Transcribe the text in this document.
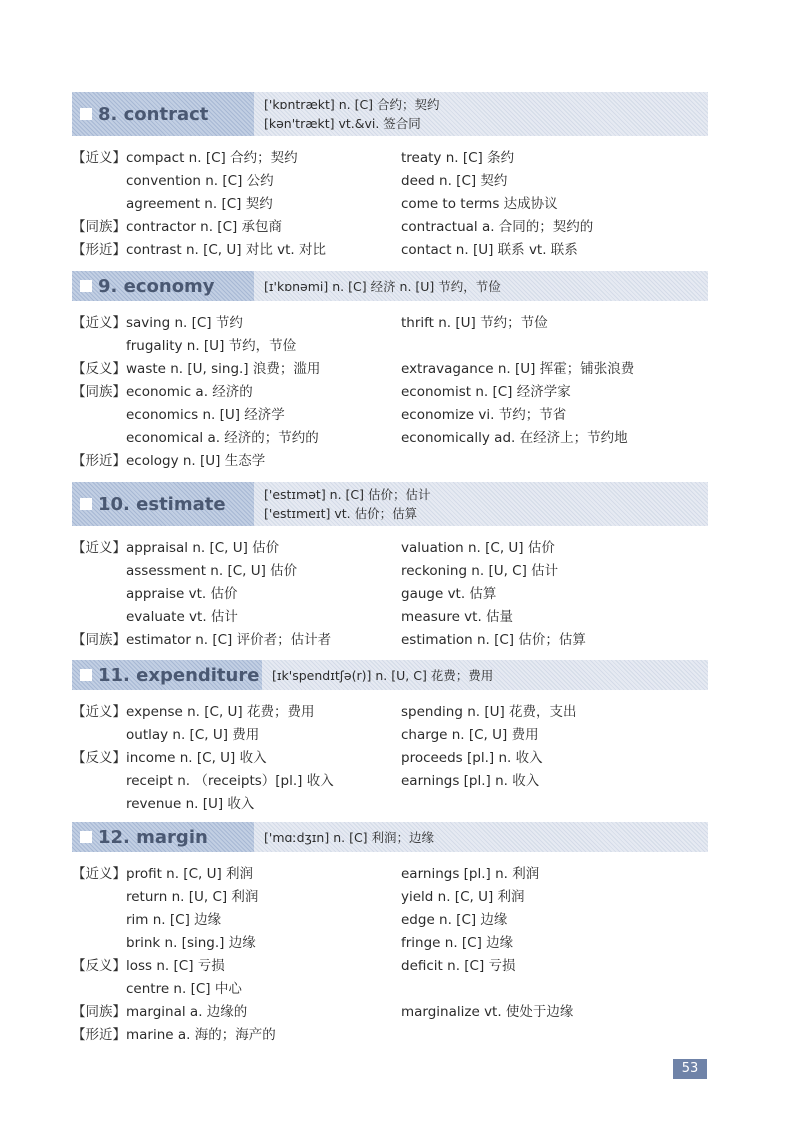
8. contract	['kɒntrækt] n. [C] 合约；契约
[kən'trækt] vt.&vi. 签合同
【近义】 compact n. [C] 合约；契约	treaty n. [C] 条约
convention n. [C] 公约	deed n. [C] 契约
agreement n. [C] 契约	come to terms 达成协议
【同族】 contractor n. [C] 承包商	contractual a. 合同的；契约的
【形近】 contrast n. [C, U] 对比 vt. 对比	contact n. [U] 联系 vt. 联系
9. economy	[ɪ'kɒnəmi] n. [C] 经济 n. [U] 节约，节俭
【近义】 saving n. [C] 节约	thrift n. [U] 节约；节俭
frugality n. [U] 节约，节俭
【反义】 waste n. [U, sing.] 浪费；滥用	extravagance n. [U] 挥霍；铺张浪费
【同族】 economic a. 经济的	economist n. [C] 经济学家
economics n. [U] 经济学	economize vi. 节约；节省
economical a. 经济的；节约的	economically ad. 在经济上；节约地
【形近】 ecology n. [U] 生态学
10. estimate	['estɪmət] n. [C] 估价；估计
['estɪmeɪt] vt. 估价；估算
【近义】 appraisal n. [C, U] 估价	valuation n. [C, U] 估价
assessment n. [C, U] 估价	reckoning n. [U, C] 估计
appraise vt. 估价	gauge vt. 估算
evaluate vt. 估计	measure vt. 估量
【同族】 estimator n. [C] 评价者；估计者	estimation n. [C] 估价；估算
11. expenditure [ɪk'spendɪtʃə(r)] n. [U, C] 花费；费用
【近义】 expense n. [C, U] 花费；费用	spending n. [U] 花费，支出
outlay n. [C, U] 费用	charge n. [C, U] 费用
【反义】 income n. [C, U] 收入	proceeds [pl.] n. 收入
receipt n. （receipts）[pl.] 收入	earnings [pl.] n. 收入
revenue n. [U] 收入
12. margin	['mɑːdʒɪn] n. [C] 利润；边缘
【近义】 profit n. [C, U] 利润	earnings [pl.] n. 利润
return n. [U, C] 利润	yield n. [C, U] 利润
rim n. [C] 边缘	edge n. [C] 边缘
brink n. [sing.] 边缘	fringe n. [C] 边缘
【反义】 loss n. [C] 亏损	deficit n. [C] 亏损
centre n. [C] 中心
【同族】 marginal a. 边缘的	marginalize vt. 使处于边缘
【形近】 marine a. 海的；海产的
53
